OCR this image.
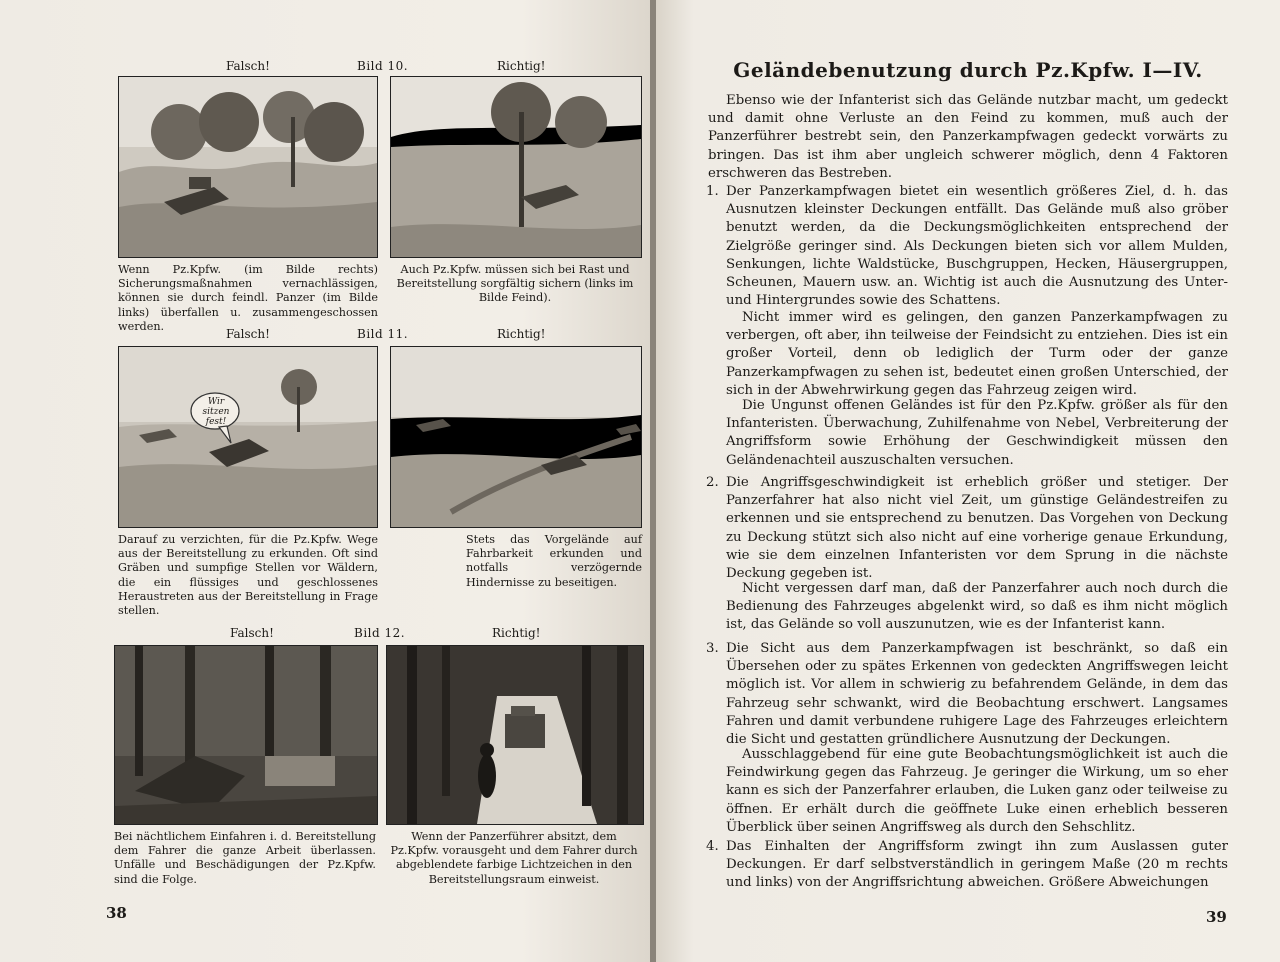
Falsch!	Bild 10.	Richtig!
Wenn Pz.Kpfw. (im Bilde rechts) Sicherungsmaßnahmen vernachlässigen, können sie durch feindl. Panzer (im Bilde links) überfallen u. zusammengeschossen werden.
Auch Pz.Kpfw. müssen sich bei Rast und Bereitstellung sorgfältig sichern (links im Bilde Feind).
Falsch!	Bild 11.	Richtig!
Wir sitzen fest!
Darauf zu verzichten, für die Pz.Kpfw. Wege aus der Bereitstellung zu erkunden. Oft sind Gräben und sumpfige Stellen vor Wäldern, die ein flüssiges und geschlossenes Heraustreten aus der Bereitstellung in Frage stellen.
Stets das Vorgelände auf Fahrbarkeit erkunden und notfalls verzögernde Hindernisse zu beseitigen.
Falsch!	Bild 12.	Richtig!
Bei nächtlichem Einfahren i. d. Bereitstellung dem Fahrer die ganze Arbeit überlassen. Unfälle und Beschädigungen der Pz.Kpfw. sind die Folge.
Wenn der Panzerführer absitzt, dem Pz.Kpfw. vorausgeht und dem Fahrer durch abgeblendete farbige Lichtzeichen in den Bereitstellungsraum einweist.
38
Geländebenutzung durch Pz.Kpfw. I—IV.
Ebenso wie der Infanterist sich das Gelände nutzbar macht, um gedeckt und damit ohne Verluste an den Feind zu kommen, muß auch der Panzerführer bestrebt sein, den Panzerkampfwagen gedeckt vorwärts zu bringen. Das ist ihm aber ungleich schwerer möglich, denn 4 Faktoren erschweren das Bestreben.
1. Der Panzerkampfwagen bietet ein wesentlich größeres Ziel, d. h. das Ausnutzen kleinster Deckungen entfällt. Das Gelände muß also gröber benutzt werden, da die Deckungsmöglichkeiten entsprechend der Zielgröße geringer sind. Als Deckungen bieten sich vor allem Mulden, Senkungen, lichte Waldstücke, Buschgruppen, Hecken, Häusergruppen, Scheunen, Mauern usw. an. Wichtig ist auch die Ausnutzung des Unter- und Hintergrundes sowie des Schattens.
Nicht immer wird es gelingen, den ganzen Panzerkampfwagen zu verbergen, oft aber, ihn teilweise der Feindsicht zu entziehen. Dies ist ein großer Vorteil, denn ob lediglich der Turm oder der ganze Panzerkampfwagen zu sehen ist, bedeutet einen großen Unterschied, der sich in der Abwehrwirkung gegen das Fahrzeug zeigen wird.
Die Ungunst offenen Geländes ist für den Pz.Kpfw. größer als für den Infanteristen. Überwachung, Zuhilfenahme von Nebel, Verbreiterung der Angriffsform sowie Erhöhung der Geschwindigkeit müssen den Geländenachteil auszuschalten versuchen.
2. Die Angriffsgeschwindigkeit ist erheblich größer und stetiger. Der Panzerfahrer hat also nicht viel Zeit, um günstige Geländestreifen zu erkennen und sie entsprechend zu benutzen. Das Vorgehen von Deckung zu Deckung stützt sich also nicht auf eine vorherige genaue Erkundung, wie sie dem einzelnen Infanteristen vor dem Sprung in die nächste Deckung gegeben ist.
Nicht vergessen darf man, daß der Panzerfahrer auch noch durch die Bedienung des Fahrzeuges abgelenkt wird, so daß es ihm nicht möglich ist, das Gelände so voll auszunutzen, wie es der Infanterist kann.
3. Die Sicht aus dem Panzerkampfwagen ist beschränkt, so daß ein Übersehen oder zu spätes Erkennen von gedeckten Angriffswegen leicht möglich ist. Vor allem in schwierig zu befahrendem Gelände, in dem das Fahrzeug sehr schwankt, wird die Beobachtung erschwert. Langsames Fahren und damit verbundene ruhigere Lage des Fahrzeuges erleichtern die Sicht und gestatten gründlichere Ausnutzung der Deckungen.
Ausschlaggebend für eine gute Beobachtungsmöglichkeit ist auch die Feindwirkung gegen das Fahrzeug. Je geringer die Wirkung, um so eher kann es sich der Panzerfahrer erlauben, die Luken ganz oder teilweise zu öffnen. Er erhält durch die geöffnete Luke einen erheblich besseren Überblick über seinen Angriffsweg als durch den Sehschlitz.
4. Das Einhalten der Angriffsform zwingt ihn zum Auslassen guter Deckungen. Er darf selbstverständlich in geringem Maße (20 m rechts und links) von der Angriffsrichtung abweichen. Größere Abweichungen
39
